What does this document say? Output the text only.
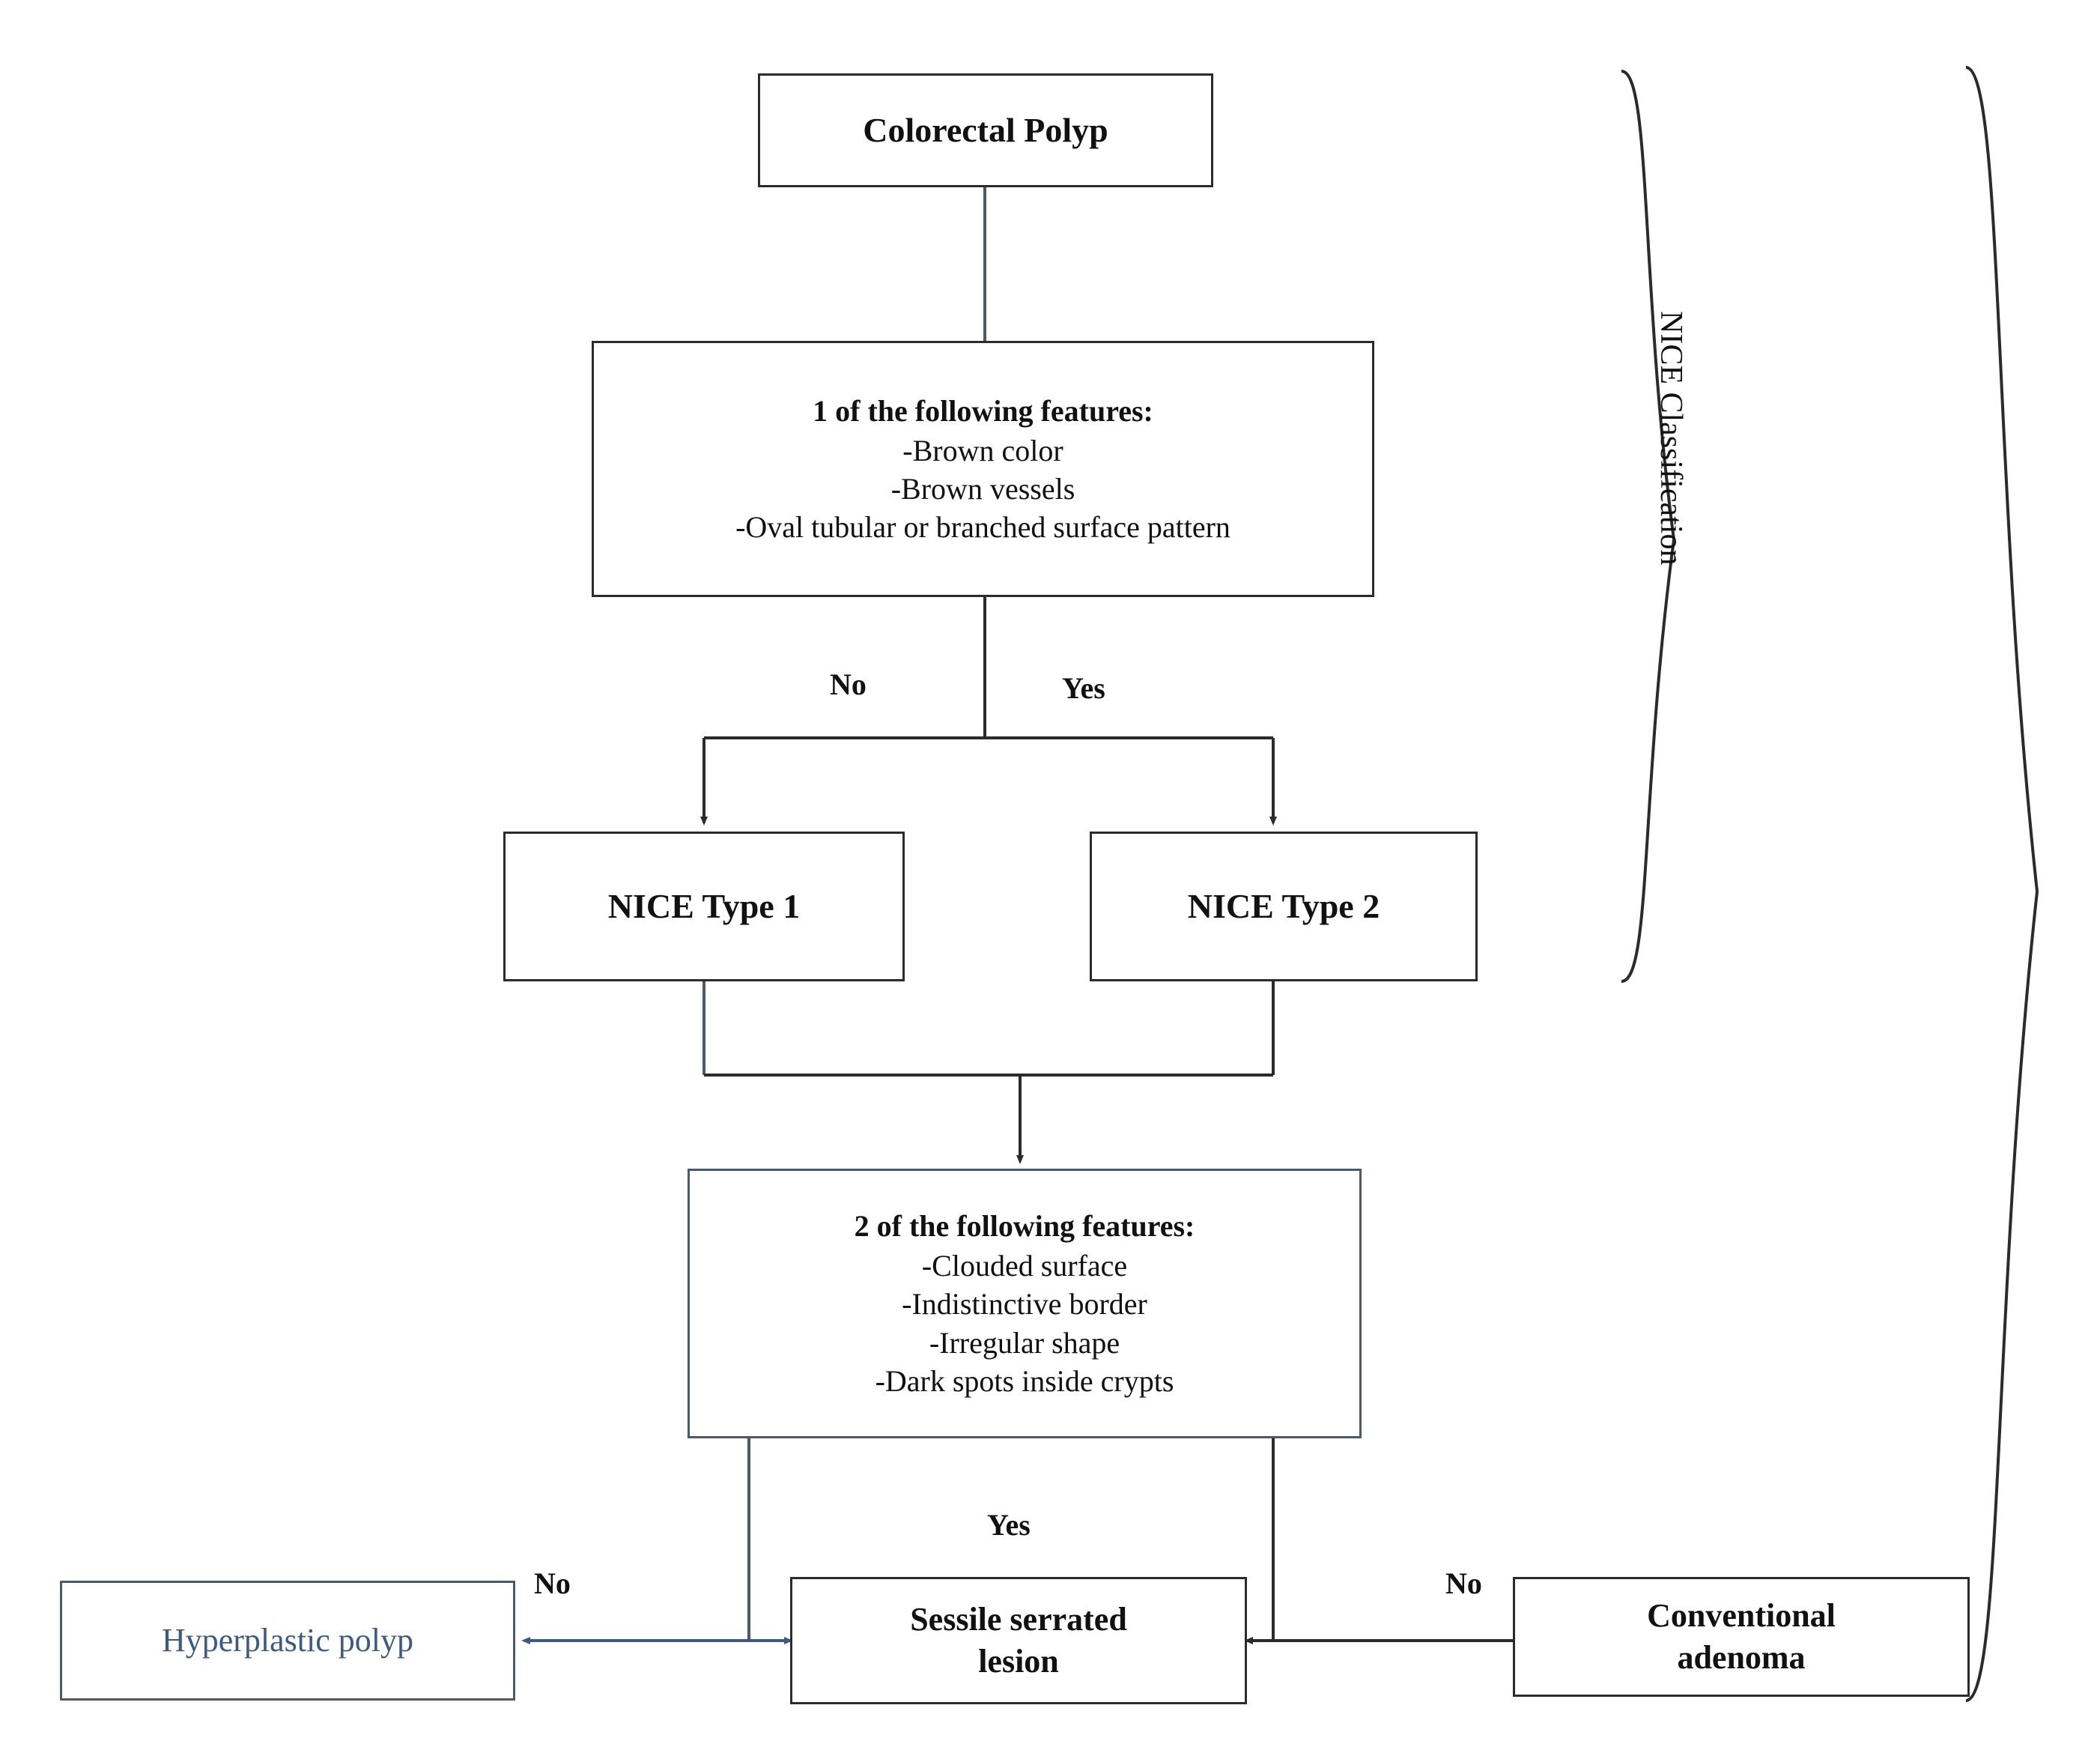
Colorectal Polyp
1 of the following features:
-Brown color
-Brown vessels
-Oval tubular or branched surface pattern
No	Yes
NICE Type 1	NICE Type 2
2 of the following features:
-Clouded surface
-Indistinctive border
-Irregular shape
-Dark spots inside crypts
Yes
No	No
Hyperplastic polyp
Sessile serrated
lesion
Conventional
adenoma
NICE Classification
